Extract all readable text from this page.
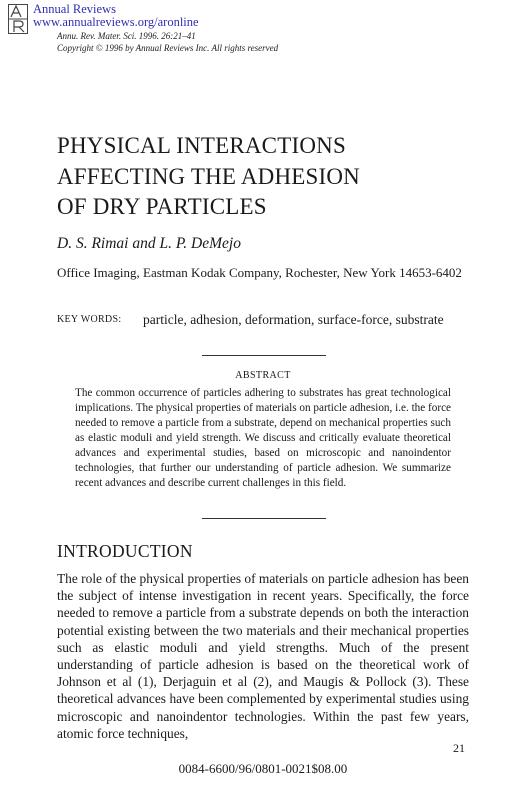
Annual Reviews
www.annualreviews.org/aronline
Annu. Rev. Mater. Sci. 1996. 26:21–41
Copyright © 1996 by Annual Reviews Inc. All rights reserved
PHYSICAL INTERACTIONS
AFFECTING THE ADHESION
OF DRY PARTICLES
D. S. Rimai and L. P. DeMejo
Office Imaging, Eastman Kodak Company, Rochester, New York 14653-6402
KEY WORDS: particle, adhesion, deformation, surface-force, substrate
ABSTRACT
The common occurrence of particles adhering to substrates has great technological implications. The physical properties of materials on particle adhesion, i.e. the force needed to remove a particle from a substrate, depend on mechanical properties such as elastic moduli and yield strength. We discuss and critically evaluate theoretical advances and experimental studies, based on microscopic and nanoindentor technologies, that further our understanding of particle adhesion. We summarize recent advances and describe current challenges in this field.
INTRODUCTION
The role of the physical properties of materials on particle adhesion has been the subject of intense investigation in recent years. Specifically, the force needed to remove a particle from a substrate depends on both the interaction potential existing between the two materials and their mechanical properties such as elastic moduli and yield strengths. Much of the present understanding of particle adhesion is based on the theoretical work of Johnson et al (1), Derjaguin et al (2), and Maugis & Pollock (3). These theoretical advances have been complemented by experimental studies using microscopic and nanoindentor technologies. Within the past few years, atomic force techniques,
21
0084-6600/96/0801-0021$08.00
